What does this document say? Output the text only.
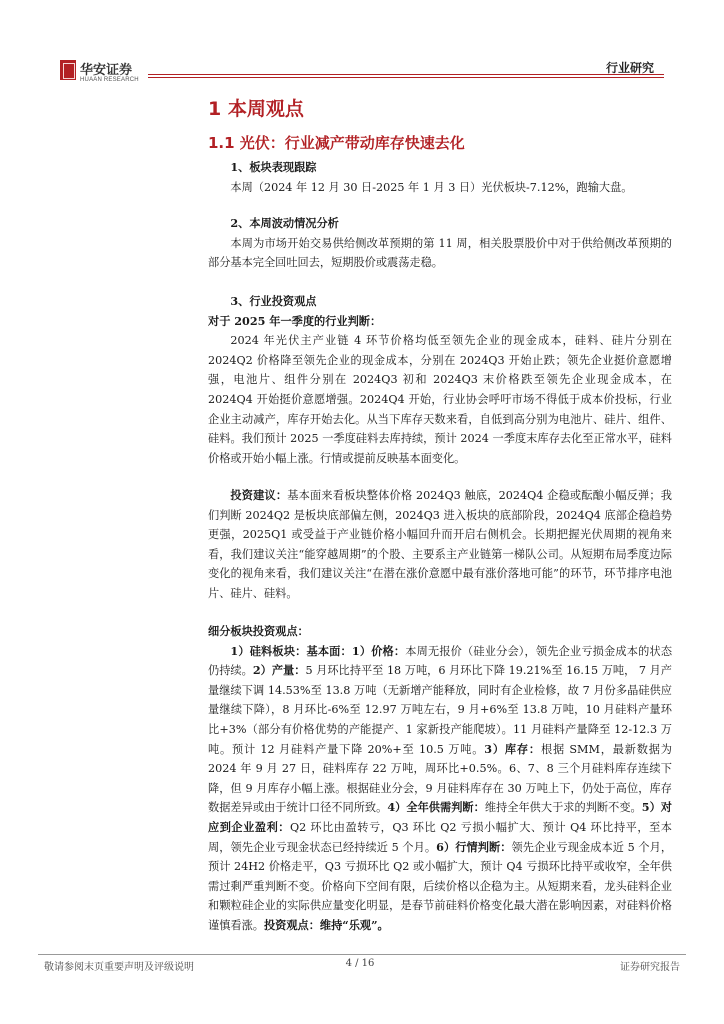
华安证券
HUAAN RESEARCH
行业研究
1 本周观点
1.1 光伏：行业减产带动库存快速去化

1、板块表现跟踪

本周（2024 年 12 月 30 日-2025 年 1 月 3 日）光伏板块-7.12%，跑输大盘。

2、本周波动情况分析

本周为市场开始交易供给侧改革预期的第 11 周，相关股票股价中对于供给侧改革预期的部分基本完全回吐回去，短期股价或震荡走稳。

3、行业投资观点

对于 2025 年一季度的行业判断：

2024 年光伏主产业链 4 环节价格均低至领先企业的现金成本，硅料、硅片分别在 2024Q2 价格降至领先企业的现金成本，分别在 2024Q3 开始止跌；领先企业挺价意愿增强，电池片、组件分别在 2024Q3 初和 2024Q3 末价格跌至领先企业现金成本，在 2024Q4 开始挺价意愿增强。2024Q4 开始，行业协会呼吁市场不得低于成本价投标，行业企业主动减产，库存开始去化。从当下库存天数来看，自低到高分别为电池片、硅片、组件、硅料。我们预计 2025 一季度硅料去库持续，预计 2024 一季度末库存去化至正常水平，硅料价格或开始小幅上涨。行情或提前反映基本面变化。

投资建议：基本面来看板块整体价格 2024Q3 触底，2024Q4 企稳或酝酿小幅反弹；我们判断 2024Q2 是板块底部偏左侧，2024Q3 进入板块的底部阶段，2024Q4 底部企稳趋势更强，2025Q1 或受益于产业链价格小幅回升而开启右侧机会。长期把握光伏周期的视角来看，我们建议关注“能穿越周期”的个股、主要系主产业链第一梯队公司。从短期布局季度边际变化的视角来看，我们建议关注“在潜在涨价意愿中最有涨价落地可能”的环节，环节排序电池片、硅片、硅料。

细分板块投资观点：

1）硅料板块：基本面：1）价格：本周无报价（硅业分会），领先企业亏损金成本的状态仍持续。2）产量：5 月环比持平至 18 万吨，6 月环比下降 19.21%至 16.15 万吨， 7 月产量继续下调 14.53%至 13.8 万吨（无新增产能释放，同时有企业检修，故 7 月份多晶硅供应量继续下降），8 月环比-6%至 12.97 万吨左右，9 月+6%至 13.8 万吨，10 月硅料产量环比+3%（部分有价格优势的产能提产、1 家新投产能爬坡）。11 月硅料产量降至 12-12.3 万吨。预计 12 月硅料产量下降 20%+至 10.5 万吨。3）库存：根据 SMM，最新数据为 2024 年 9 月 27 日，硅料库存 22 万吨，周环比+0.5%。6、7、8 三个月硅料库存连续下降，但 9 月库存小幅上涨。根据硅业分会，9 月硅料库存在 30 万吨上下，仍处于高位，库存数据差异或由于统计口径不同所致。4）全年供需判断：维持全年供大于求的判断不变。5）对应到企业盈利：Q2 环比由盈转亏，Q3 环比 Q2 亏损小幅扩大、预计 Q4 环比持平，至本周，领先企业亏现金状态已经持续近 5 个月。6）行情判断：领先企业亏现金成本近 5 个月，预计 24H2 价格走平，Q3 亏损环比 Q2 或小幅扩大，预计 Q4 亏损环比持平或收窄，全年供需过剩严重判断不变。价格向下空间有限，后续价格以企稳为主。从短期来看，龙头硅料企业和颗粒硅企业的实际供应量变化明显，是春节前硅料价格变化最大潜在影响因素，对硅料价格谨慎看涨。投资观点：维持“乐观”。

敬请参阅末页重要声明及评级说明	4 / 16	证券研究报告
